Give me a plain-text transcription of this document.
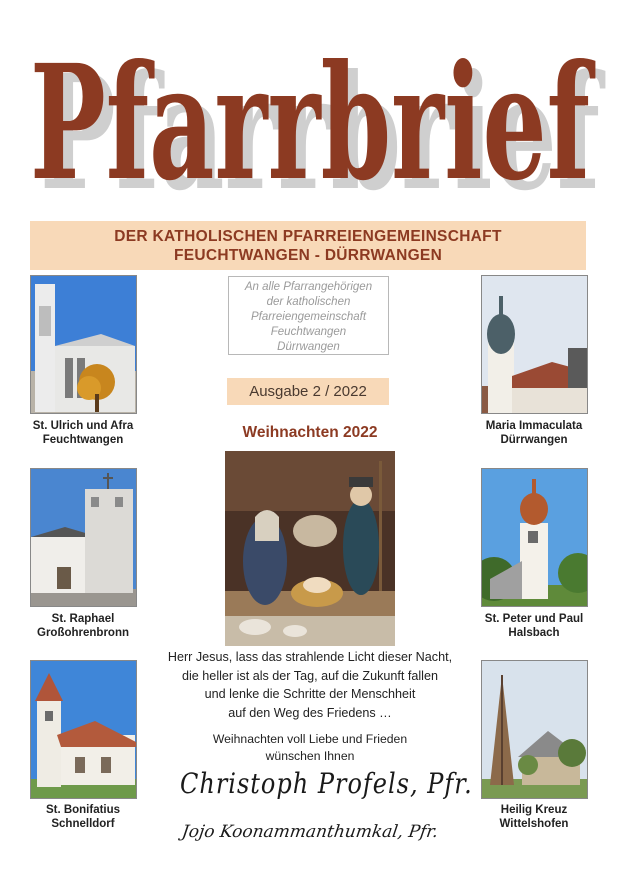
Pfarrbrief
Pfarrbrief
DER KATHOLISCHEN PFARREIENGEMEINSCHAFT
FEUCHTWANGEN - DÜRRWANGEN
An alle Pfarrangehörigen
der katholischen
Pfarreiengemeinschaft
Feuchtwangen
Dürrwangen
Ausgabe 2 / 2022
Weihnachten 2022
St. Ulrich und Afra
Feuchtwangen
St. Raphael
Großohrenbronn
St. Bonifatius
Schnelldorf
Maria Immaculata
Dürrwangen
St. Peter und Paul
Halsbach
Heilig Kreuz
Wittelshofen
Herr Jesus, lass das strahlende Licht dieser Nacht,
die heller ist als der Tag, auf die Zukunft fallen
und lenke die Schritte der Menschheit
auf den Weg des Friedens …
Weihnachten voll Liebe und Frieden
wünschen Ihnen
Christoph Profels, Pfr.
Jojo Koonammanthumkal, Pfr.
